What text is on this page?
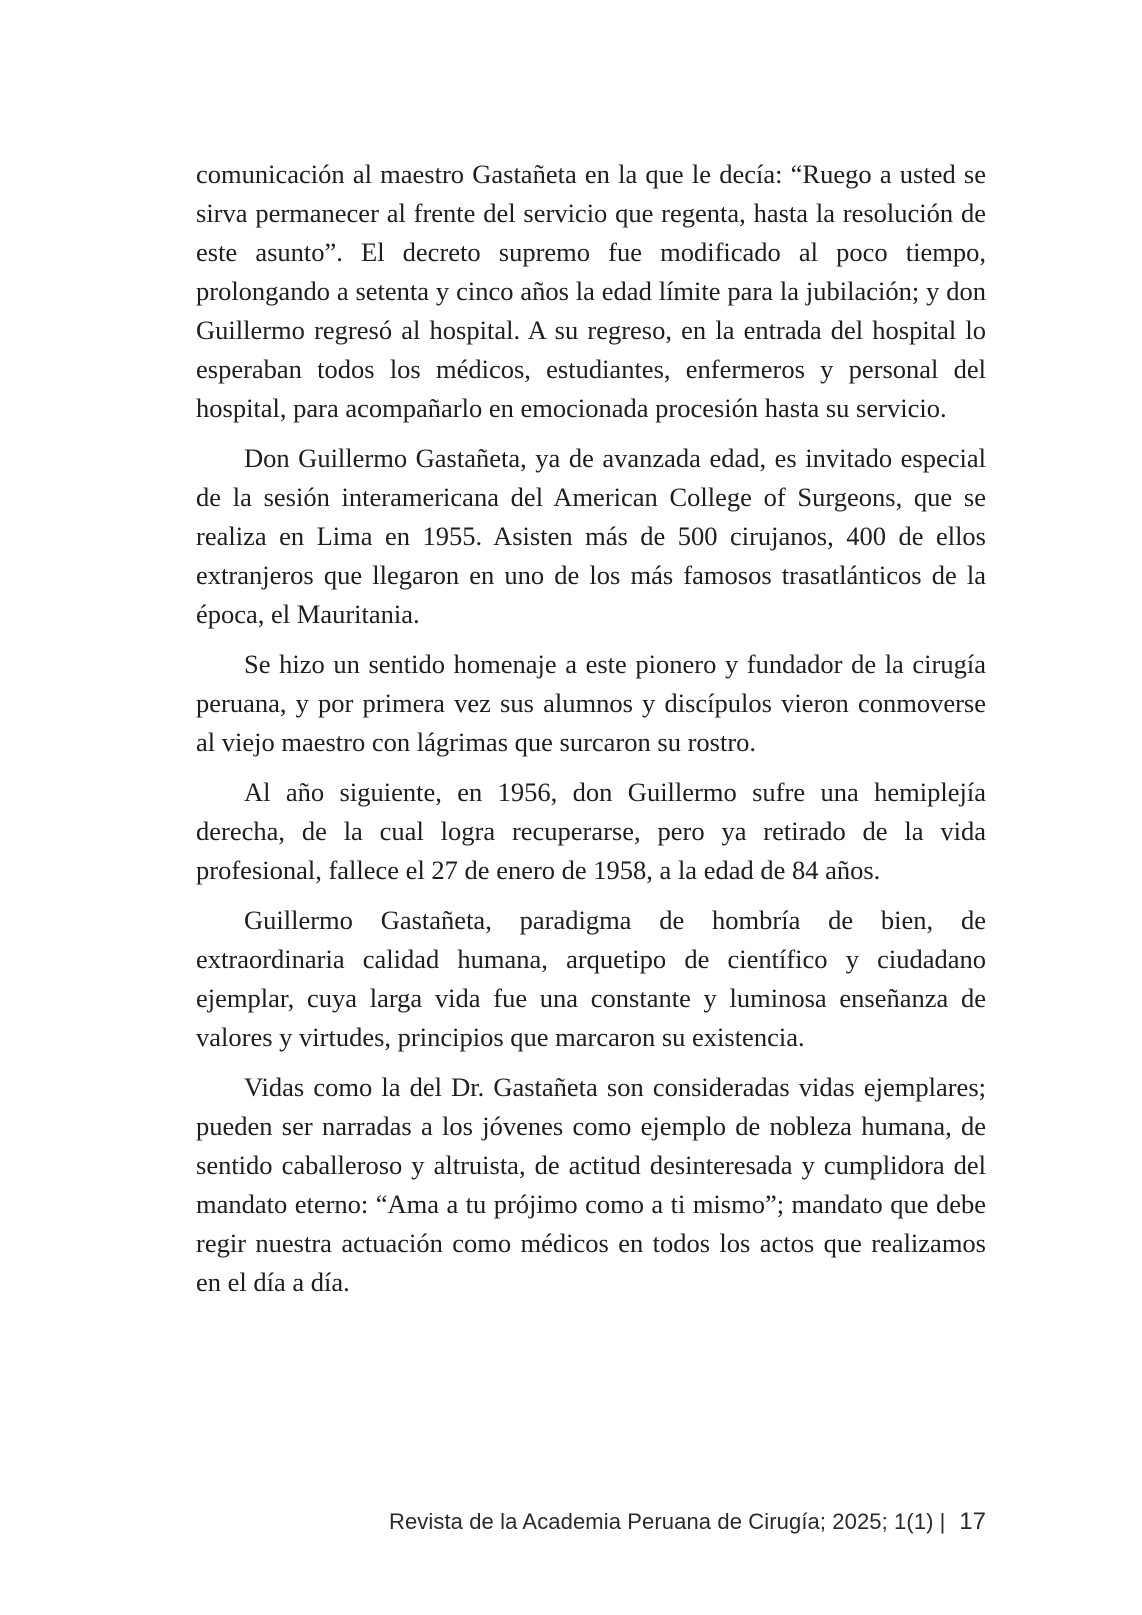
comunicación al maestro Gastañeta en la que le decía: “Ruego a usted se sirva permanecer al frente del servicio que regenta, hasta la resolución de este asunto”. El decreto supremo fue modificado al poco tiempo, prolongando a setenta y cinco años la edad límite para la jubilación; y don Guillermo regresó al hospital. A su regreso, en la entrada del hospital lo esperaban todos los médicos, estudiantes, enfermeros y personal del hospital, para acompañarlo en emocionada procesión hasta su servicio.

Don Guillermo Gastañeta, ya de avanzada edad, es invitado especial de la sesión interamericana del American College of Surgeons, que se realiza en Lima en 1955. Asisten más de 500 cirujanos, 400 de ellos extranjeros que llegaron en uno de los más famosos trasatlánticos de la época, el Mauritania.

Se hizo un sentido homenaje a este pionero y fundador de la cirugía peruana, y por primera vez sus alumnos y discípulos vieron conmoverse al viejo maestro con lágrimas que surcaron su rostro.

Al año siguiente, en 1956, don Guillermo sufre una hemiplejía derecha, de la cual logra recuperarse, pero ya retirado de la vida profesional, fallece el 27 de enero de 1958, a la edad de 84 años.

Guillermo Gastañeta, paradigma de hombría de bien, de extraordinaria calidad humana, arquetipo de científico y ciudadano ejemplar, cuya larga vida fue una constante y luminosa enseñanza de valores y virtudes, principios que marcaron su existencia.

Vidas como la del Dr. Gastañeta son consideradas vidas ejemplares; pueden ser narradas a los jóvenes como ejemplo de nobleza humana, de sentido caballeroso y altruista, de actitud desinteresada y cumplidora del mandato eterno: “Ama a tu prójimo como a ti mismo”; mandato que debe regir nuestra actuación como médicos en todos los actos que realizamos en el día a día.

Revista de la Academia Peruana de Cirugía; 2025; 1(1) | 17
